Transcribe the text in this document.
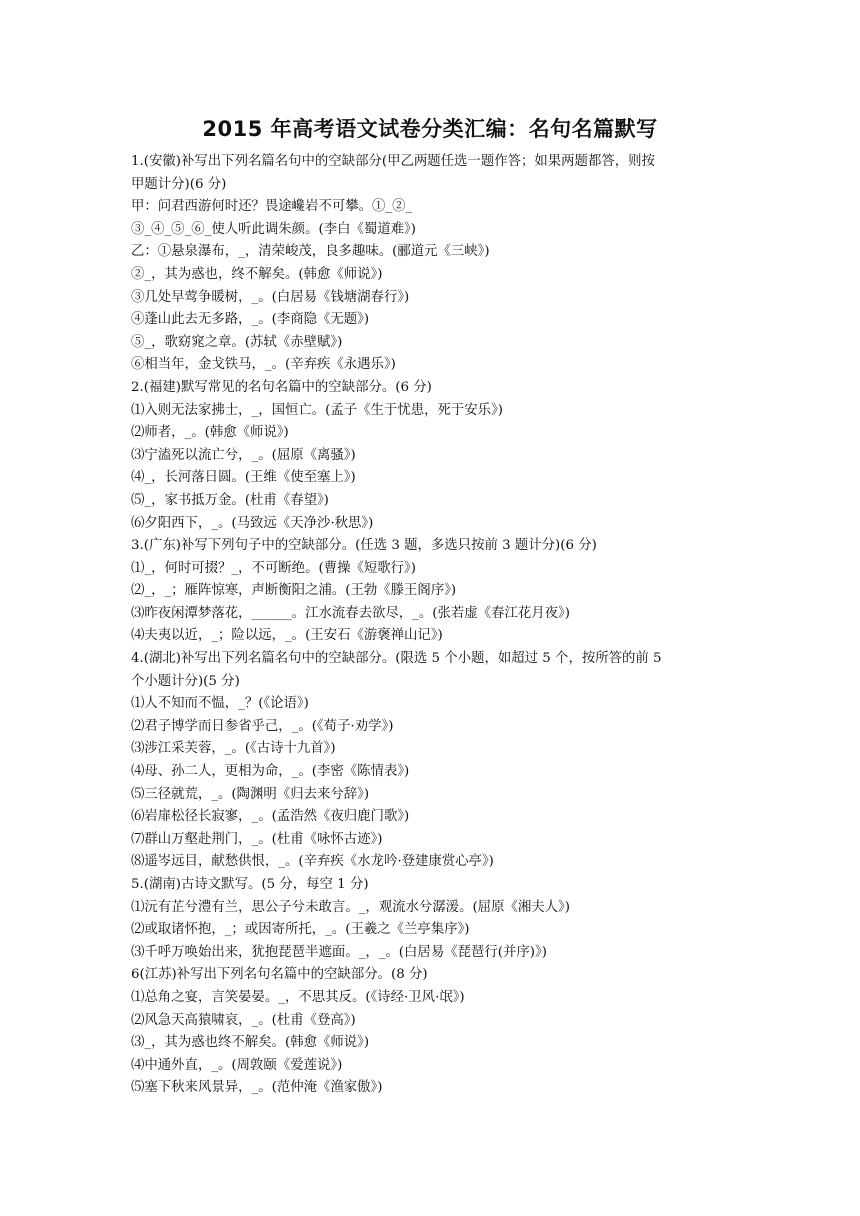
2015 年高考语文试卷分类汇编：名句名篇默写
1.(安徽)补写出下列名篇名句中的空缺部分(甲乙两题任选一题作答；如果两题都答，则按
甲题计分)(6 分)
甲：问君西游何时还？畏途巉岩不可攀。①_②_
③_④_⑤_⑥_使人听此调朱颜。(李白《蜀道难》)
乙：①悬泉瀑布，_，清荣峻茂，良多趣味。(郦道元《三峡》)
②_，其为惑也，终不解矣。(韩愈《师说》)
③几处早莺争暖树，_。(白居易《钱塘湖春行》)
④蓬山此去无多路，_。(李商隐《无题》)
⑤_，歌窈窕之章。(苏轼《赤壁赋》)
⑥相当年，金戈铁马，_。(辛弃疾《永遇乐》)
2.(福建)默写常见的名句名篇中的空缺部分。(6 分)
⑴入则无法家拂士，_，国恒亡。(孟子《生于忧患，死于安乐》)
⑵师者，_。(韩愈《师说》)
⑶宁溘死以流亡兮，_。(屈原《离骚》)
⑷_，长河落日圆。(王维《使至塞上》)
⑸_，家书抵万金。(杜甫《春望》)
⑹夕阳西下，_。(马致远《天净沙·秋思》)
3.(广东)补写下列句子中的空缺部分。(任选 3 题，多选只按前 3 题计分)(6 分)
⑴_，何时可掇？_，不可断绝。(曹操《短歌行》)
⑵_，_；雁阵惊寒，声断衡阳之浦。(王勃《滕王阁序》)
⑶昨夜闲潭梦落花，______。江水流春去欲尽，_。(张若虚《春江花月夜》)
⑷夫夷以近，_；险以远，_。(王安石《游褒禅山记》)
4.(湖北)补写出下列名篇名句中的空缺部分。(限选 5 个小题，如超过 5 个，按所答的前 5
个小题计分)(5 分)
⑴人不知而不愠，_？(《论语》)
⑵君子博学而日参省乎己，_。(《荀子·劝学》)
⑶涉江采芙蓉，_。(《古诗十九首》)
⑷母、孙二人，更相为命，_。(李密《陈情表》)
⑸三径就荒，_。(陶渊明《归去来兮辞》)
⑹岩扉松径长寂寥，_。(孟浩然《夜归鹿门歌》)
⑺群山万壑赴荆门，_。(杜甫《咏怀古迹》)
⑻遥岑远目，献愁供恨，_。(辛弃疾《水龙吟·登建康赏心亭》)
5.(湖南)古诗文默写。(5 分，每空 1 分)
⑴沅有芷兮澧有兰，思公子兮未敢言。_，观流水兮潺湲。(屈原《湘夫人》)
⑵或取诸怀抱，_；或因寄所托，_。(王羲之《兰亭集序》)
⑶千呼万唤始出来，犹抱琵琶半遮面。_，_。(白居易《琵琶行(并序)》)
6(江苏)补写出下列名句名篇中的空缺部分。(8 分)
⑴总角之宴，言笑晏晏。_，不思其反。(《诗经·卫风·氓》)
⑵风急天高猿啸哀，_。(杜甫《登高》)
⑶_，其为惑也终不解矣。(韩愈《师说》)
⑷中通外直，_。(周敦颐《爱莲说》)
⑸塞下秋来风景异，_。(范仲淹《渔家傲》)
